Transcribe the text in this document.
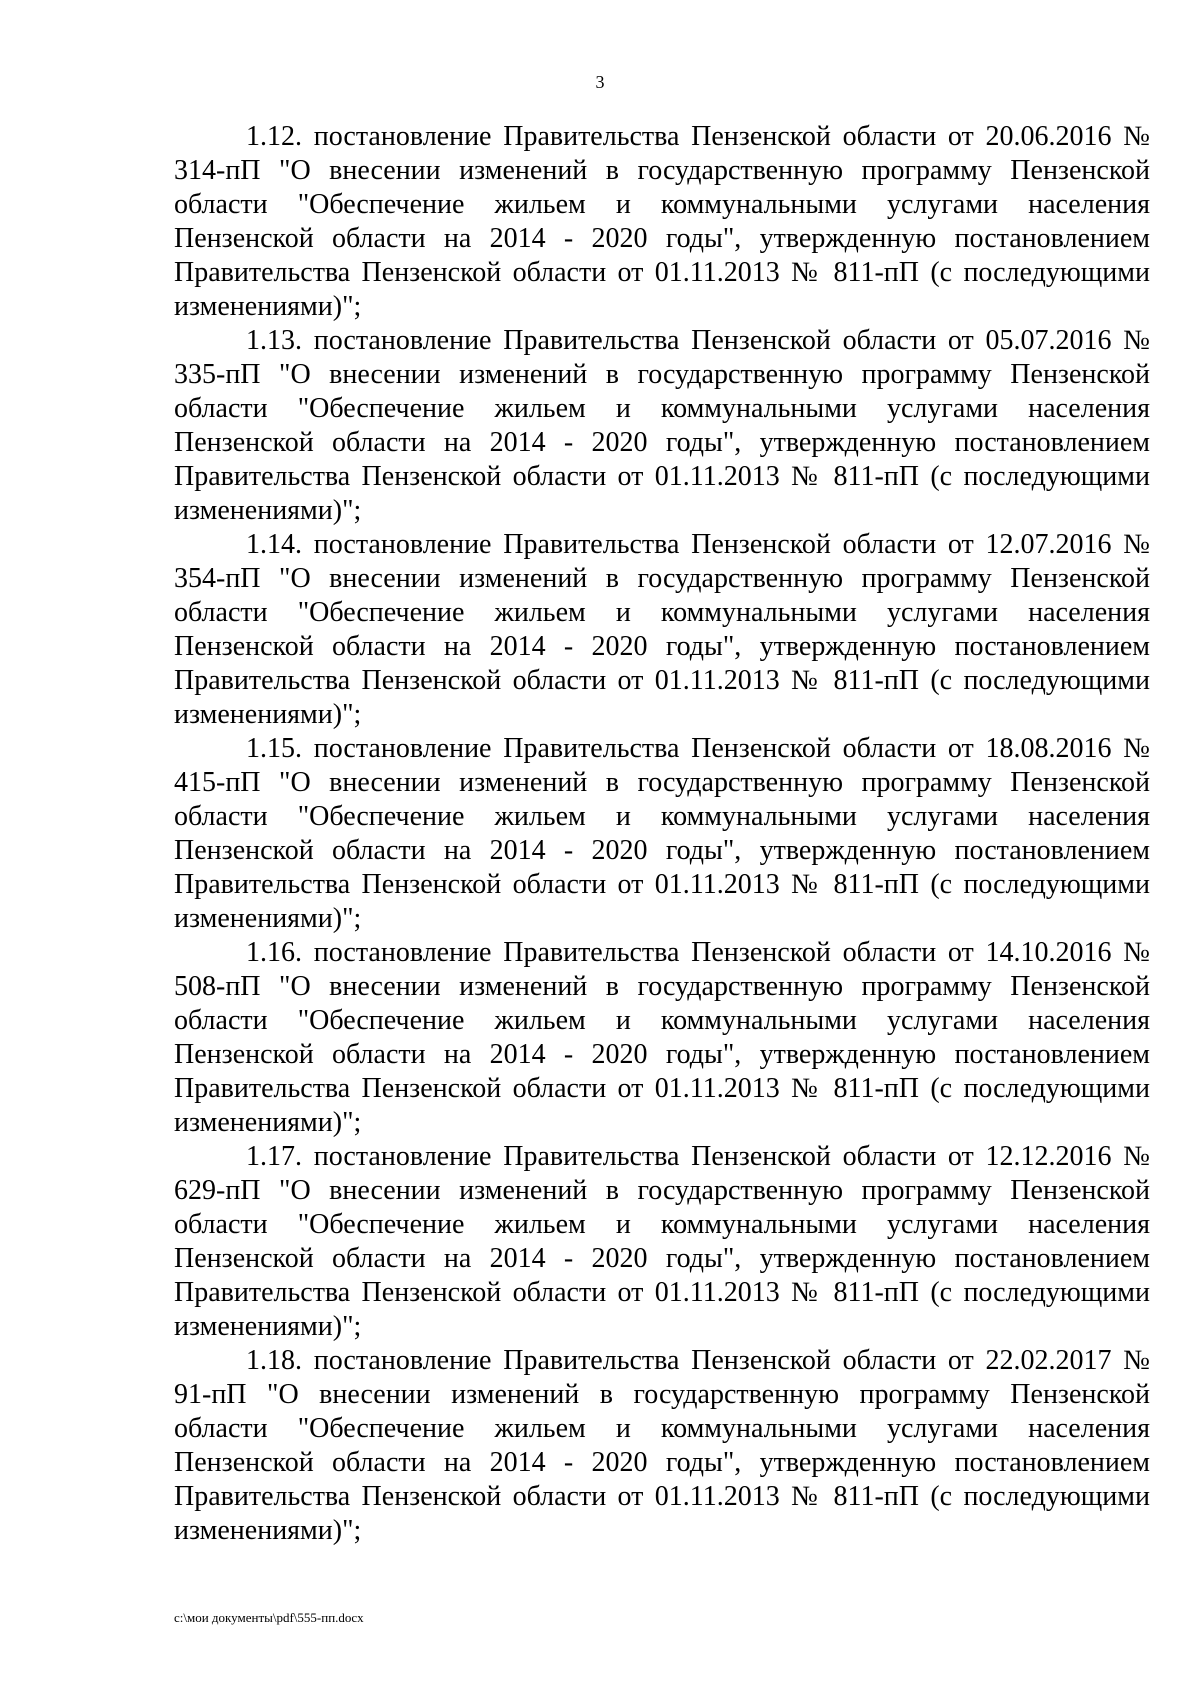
3

1.12. постановление Правительства Пензенской области от 20.06.2016 № 314-пП "О внесении изменений в государственную программу Пензенской области "Обеспечение жильем и коммунальными услугами населения Пензенской области на 2014 - 2020 годы", утвержденную постановлением Правительства Пензенской области от 01.11.2013 № 811-пП (с последующими изменениями)";

1.13. постановление Правительства Пензенской области от 05.07.2016 № 335-пП "О внесении изменений в государственную программу Пензенской области "Обеспечение жильем и коммунальными услугами населения Пензенской области на 2014 - 2020 годы", утвержденную постановлением Правительства Пензенской области от 01.11.2013 № 811-пП (с последующими изменениями)";

1.14. постановление Правительства Пензенской области от 12.07.2016 № 354-пП "О внесении изменений в государственную программу Пензенской области "Обеспечение жильем и коммунальными услугами населения Пензенской области на 2014 - 2020 годы", утвержденную постановлением Правительства Пензенской области от 01.11.2013 № 811-пП (с последующими изменениями)";

1.15. постановление Правительства Пензенской области от 18.08.2016 № 415-пП "О внесении изменений в государственную программу Пензенской области "Обеспечение жильем и коммунальными услугами населения Пензенской области на 2014 - 2020 годы", утвержденную постановлением Правительства Пензенской области от 01.11.2013 № 811-пП (с последующими изменениями)";

1.16. постановление Правительства Пензенской области от 14.10.2016 № 508-пП "О внесении изменений в государственную программу Пензенской области "Обеспечение жильем и коммунальными услугами населения Пензенской области на 2014 - 2020 годы", утвержденную постановлением Правительства Пензенской области от 01.11.2013 № 811-пП (с последующими изменениями)";

1.17. постановление Правительства Пензенской области от 12.12.2016 № 629-пП "О внесении изменений в государственную программу Пензенской области "Обеспечение жильем и коммунальными услугами населения Пензенской области на 2014 - 2020 годы", утвержденную постановлением Правительства Пензенской области от 01.11.2013 № 811-пП (с последующими изменениями)";

1.18. постановление Правительства Пензенской области от 22.02.2017 № 91-пП "О внесении изменений в государственную программу Пензенской области "Обеспечение жильем и коммунальными услугами населения Пензенской области на 2014 - 2020 годы", утвержденную постановлением Правительства Пензенской области от 01.11.2013 № 811-пП (с последующими изменениями)";

c:\мои документы\pdf\555-пп.docx
